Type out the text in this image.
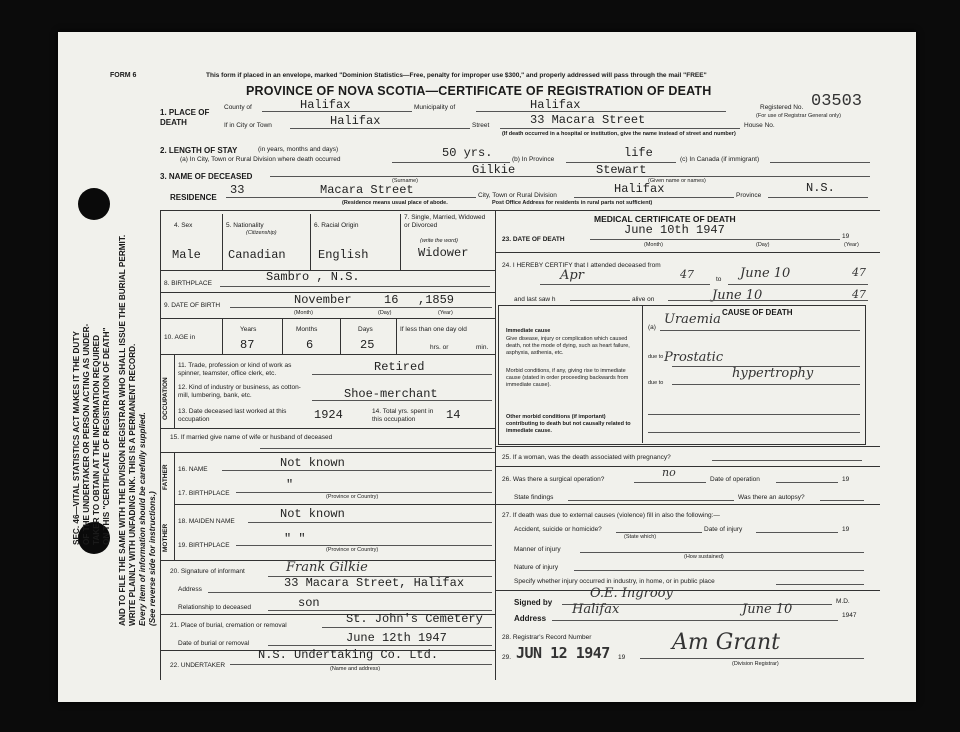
SEC. 46—VITAL STATISTICS ACT MAKES IT THE DUTY OF THE UNDERTAKER OR PERSON ACTING AS UNDER- TAKER TO OBTAIN AT THE INFORMATION REQUIRED ON THIS "CERTIFICATE OF REGISTRATION OF DEATH" AND TO FILE THE SAME WITH THE DIVISION REGISTRAR WHO SHALL ISSUE THE BURIAL PERMIT. WRITE PLAINLY WITH UNFADING INK. THIS IS A PERMANENT RECORD. Every item of information should be carefully supplied. (See reverse side for instructions.)
FORM 6	This form if placed in an envelope, marked "Dominion Statistics—Free, penalty for improper use $300," and properly addressed will pass through the mail "FREE"
PROVINCE OF NOVA SCOTIA—CERTIFICATE OF REGISTRATION OF DEATH
1. PLACE OF DEATH
County of	Halifax	Municipality of	Halifax	Registered No. 03503
(For use of Registrar General only)
If in City or Town	Halifax	Street	33 Macara Street	House No.
(If death occurred in a hospital or institution, give the name instead of street and number)
2. LENGTH OF STAY	(in years, months and days)
(a) In City, Town or Rural Division where death occurred	50 yrs.	(b) In Province	life	(c) In Canada (if immigrant)
3. NAME OF DECEASED	Gilkie	Stewart
(Surname)	(Given name or names)
RESIDENCE
33	Macara Street	City, Town or Rural Division	Halifax	Province
N.S.
(Residence means usual place of abode.	Post Office Address for residents in rural parts not sufficient)
4. Sex	5. Nationality
(Citizenship)
6. Racial Origin
7. Single, Married, Widowed or Divorced
(write the word)
Male Canadian	English	Widower
8. BIRTHPLACE	Sambro , N.S.
9. DATE OF BIRTH	November	16 ,1859
(Month)	(Day)	(Year)
10. AGE in
Years	Months	Days	If less than one day old
87	6	25	hrs. or	min.
OCCUPATION
11. Trade, profession or kind of work as spinner, teamster, office clerk, etc.	Retired
12. Kind of industry or business, as cotton-mill, lumbering, bank, etc.	Shoe-merchant
13. Date deceased last worked at this occupation	1924	14. Total yrs. spent in this occupation	14
15. If married give name of wife or husband of deceased
FATHER
MOTHER
16. NAME	Not known
17. BIRTHPLACE
"
(Province or Country)
18. MAIDEN NAME
Not known
19. BIRTHPLACE	" "
(Province or Country)
20. Signature of informant	Frank Gilkie
Address	33 Macara Street, Halifax
Relationship to deceased	son
21. Place of burial, cremation or removal	St. John's Cemetery
Date of burial or removal	June 12th 1947
22. UNDERTAKER
N.S. Undertaking Co. Ltd.
(Name and address)
MEDICAL CERTIFICATE OF DEATH
23. DATE OF DEATH
June 10th 1947	19
(Month)	(Day)	(Year)
24. I HEREBY CERTIFY that I attended deceased from
Apr	47	to June 10	47
and last saw h	alive on	June 10	47
CAUSE OF DEATH
Immediate cause
Give disease, injury or complication which caused death, not the mode of dying, such as heart failure, asphyxia, asthenia, etc.
(a)
Uraemia
Morbid conditions, if any, giving rise to immediate cause (stated in order proceeding backwards from immediate cause).
due to Prostatic
due to
hypertrophy
Other morbid conditions (if important) contributing to death but not causally related to immediate cause.
25. If a woman, was the death associated with pregnancy?
26. Was there a surgical operation?
no
Date of operation	19
State findings	Was there an autopsy?
27. If death was due to external causes (violence) fill in also the following:—
Accident, suicide or homicide?	Date of injury	19
(State which)
Manner of injury
(How sustained)
Nature of injury
Specify whether injury occurred in industry, in home, or in public place
Signed by
O.E. Ingrooy
M.D.
Address
Halifax	June 10	1947
28. Registrar's Record Number
29. JUN 12 1947 19
Am Grant
(Division Registrar)
